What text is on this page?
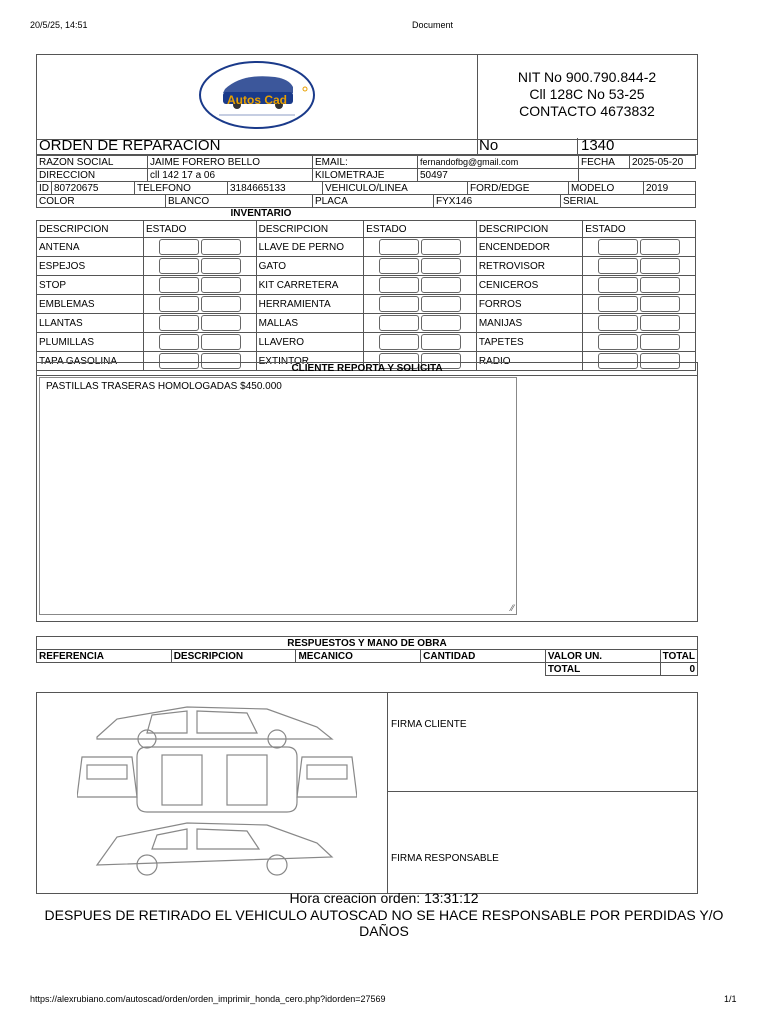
20/5/25, 14:51	Document
Autos Cad
NIT No 900.790.844-2
Cll 128C No 53-25
CONTACTO 4673832
ORDEN DE REPARACION	No	1340
RAZON SOCIAL	JAIME FORERO BELLO	EMAIL:	fernandofbg@gmail.com	FECHA	2025-05-20
DIRECCION	cll 142 17 a 06	KILOMETRAJE	50497	
ID	80720675	TELEFONO	3184665133	VEHICULO/LINEA	FORD/EDGE	MODELO	2019
COLOR	BLANCO	PLACA	FYX146	SERIAL
INVENTARIO
DESCRIPCION	ESTADO	DESCRIPCION	ESTADO	DESCRIPCION	ESTADO
ANTENA		LLAVE DE PERNO		ENCENDEDOR	
ESPEJOS		GATO		RETROVISOR	
STOP		KIT CARRETERA		CENICEROS	
EMBLEMAS		HERRAMIENTA		FORROS	
LLANTAS		MALLAS		MANIJAS	
PLUMILLAS		LLAVERO		TAPETES	
TAPA GASOLINA		EXTINTOR		RADIO	
CLIENTE REPORTA Y SOLICITA
PASTILLAS TRASERAS HOMOLOGADAS $450.000
⁄⁄
RESPUESTOS Y MANO DE OBRA					
REFERENCIA	DESCRIPCION	MECANICO	CANTIDAD	VALOR UN.	TOTAL
				TOTAL	0
FIRMA CLIENTE
FIRMA RESPONSABLE
Hora creacion orden: 13:31:12
DESPUES DE RETIRADO EL VEHICULO AUTOSCAD NO SE HACE RESPONSABLE POR PERDIDAS Y/O DAÑOS
https://alexrubiano.com/autoscad/orden/orden_imprimir_honda_cero.php?idorden=27569	1/1
